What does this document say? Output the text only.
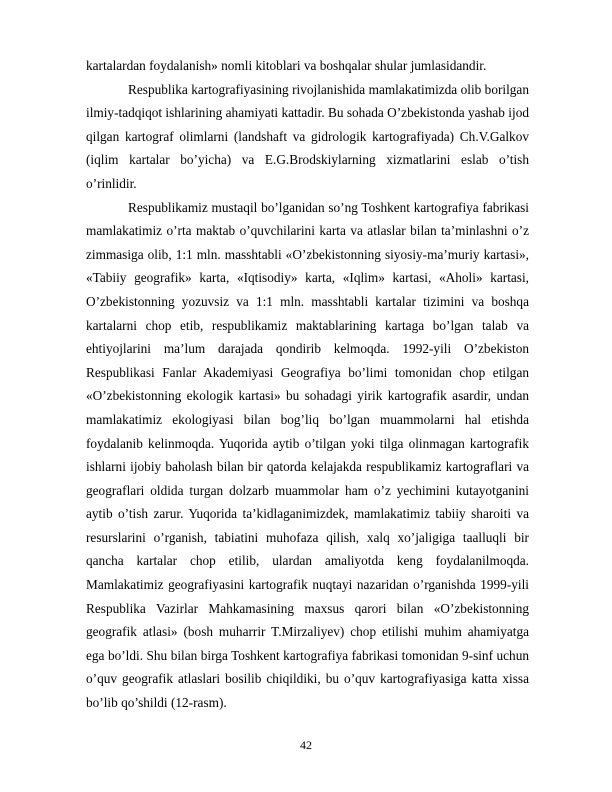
kartalardan foydalanish» nomli kitoblari va boshqalar shular jumlasidandir.

Respublika kartografiyasining rivojlanishida mamlakatimizda olib borilgan ilmiy-tadqiqot ishlarining ahamiyati kattadir. Bu sohada O’zbekistonda yashab ijod qilgan kartograf olimlarni (landshaft va gidrologik kartografiyada) Ch.V.Galkov (iqlim kartalar bo’yicha) va E.G.Brodskiylarning xizmatlarini eslab o’tish o’rinlidir.

Respublikamiz mustaqil bo’lganidan so’ng Toshkent kartografiya fabrikasi mamlakatimiz o’rta maktab o’quvchilarini karta va atlaslar bilan ta’minlashni o’z zimmasiga olib, 1:1 mln. masshtabli «O’zbekistonning siyosiy-ma’muriy kartasi», «Tabiiy geografik» karta, «Iqtisodiy» karta, «Iqlim» kartasi, «Aholi» kartasi, O’zbekistonning yozuvsiz va 1:1 mln. masshtabli kartalar tizimini va boshqa kartalarni chop etib, respublikamiz maktablarining kartaga bo’lgan talab va ehtiyojlarini ma’lum darajada qondirib kelmoqda. 1992-yili O’zbekiston Respublikasi Fanlar Akademiyasi Geografiya bo’limi tomonidan chop etilgan «O’zbekistonning ekologik kartasi» bu sohadagi yirik kartografik asardir, undan mamlakatimiz ekologiyasi bilan bog’liq bo’lgan muammolarni hal etishda foydalanib kelinmoqda. Yuqorida aytib o’tilgan yoki tilga olinmagan kartografik ishlarni ijobiy baholash bilan bir qatorda kelajakda respublikamiz kartograflari va geograflari oldida turgan dolzarb muammolar ham o’z yechimini kutayotganini aytib o’tish zarur. Yuqorida ta’kidlaganimizdek, mamlakatimiz tabiiy sharoiti va resurslarini o’rganish, tabiatini muhofaza qilish, xalq xo’jaligiga taalluqli bir qancha kartalar chop etilib, ulardan amaliyotda keng foydalanilmoqda. Mamlakatimiz geografiyasini kartografik nuqtayi nazaridan o’rganishda 1999-yili Respublika Vazirlar Mahkamasining maxsus qarori bilan «O’zbekistonning geografik atlasi» (bosh muharrir T.Mirzaliyev) chop etilishi muhim ahamiyatga ega bo’ldi. Shu bilan birga Toshkent kartografiya fabrikasi tomonidan 9-sinf uchun o’quv geografik atlaslari bosilib chiqildiki, bu o’quv kartografiyasiga katta xissa bo’lib qo’shildi (12-rasm).

42
